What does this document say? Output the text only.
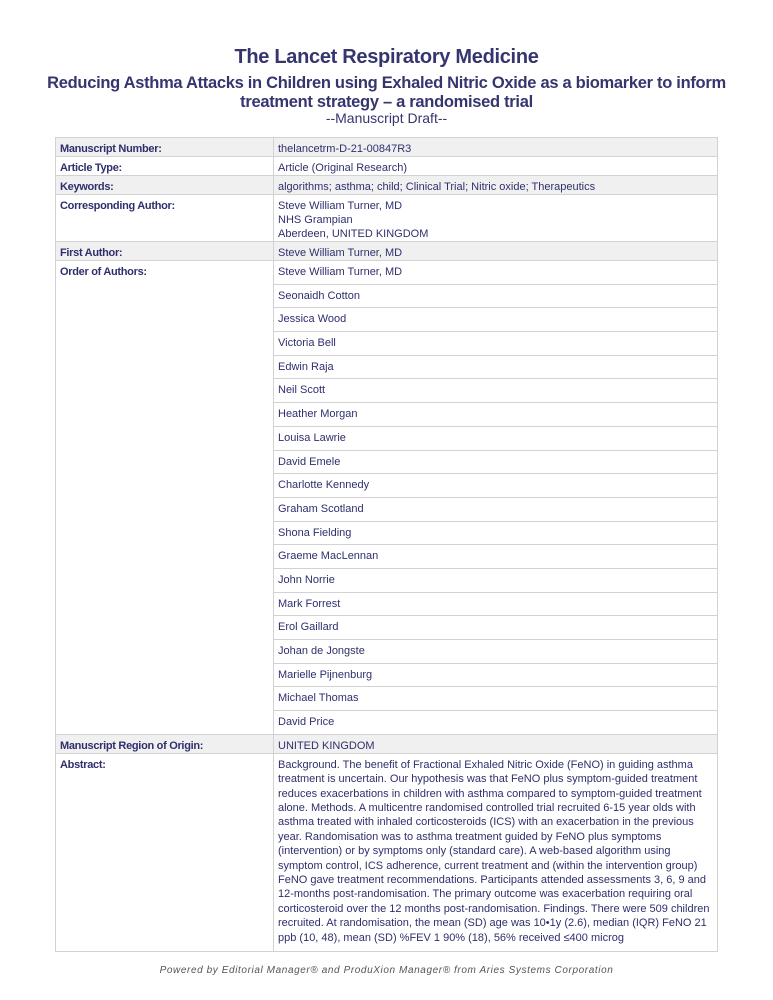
The Lancet Respiratory Medicine
Reducing Asthma Attacks in Children using Exhaled Nitric Oxide as a biomarker to inform treatment strategy – a randomised trial
--Manuscript Draft--
Manuscript Number:	thelancetrm-D-21-00847R3
Article Type:	Article (Original Research)
Keywords:	algorithms; asthma; child; Clinical Trial; Nitric oxide; Therapeutics
Corresponding Author:	Steve William Turner, MD
NHS Grampian
Aberdeen, UNITED KINGDOM
First Author:	Steve William Turner, MD
Order of Authors:	Steve William Turner, MD
	Seonaidh Cotton
	Jessica Wood
	Victoria Bell
	Edwin Raja
	Neil Scott
	Heather Morgan
	Louisa Lawrie
	David Emele
	Charlotte Kennedy
	Graham Scotland
	Shona Fielding
	Graeme MacLennan
	John Norrie
	Mark Forrest
	Erol Gaillard
	Johan de Jongste
	Marielle Pijnenburg
	Michael Thomas
	David Price
Manuscript Region of Origin:	UNITED KINGDOM
Abstract:	Background. The benefit of Fractional Exhaled Nitric Oxide (FeNO) in guiding asthma treatment is uncertain. Our hypothesis was that FeNO plus symptom-guided treatment reduces exacerbations in children with asthma compared to symptom-guided treatment alone. Methods. A multicentre randomised controlled trial recruited 6-15 year olds with asthma treated with inhaled corticosteroids (ICS) with an exacerbation in the previous year. Randomisation was to asthma treatment guided by FeNO plus symptoms (intervention) or by symptoms only (standard care). A web-based algorithm using symptom control, ICS adherence, current treatment and (within the intervention group) FeNO gave treatment recommendations. Participants attended assessments 3, 6, 9 and 12-months post-randomisation. The primary outcome was exacerbation requiring oral corticosteroid over the 12 months post-randomisation. Findings. There were 509 children recruited. At randomisation, the mean (SD) age was 10•1y (2.6), median (IQR) FeNO 21 ppb (10, 48), mean (SD) %FEV 1 90% (18), 56% received ≤400 microg
Powered by Editorial Manager® and ProduXion Manager® from Aries Systems Corporation
